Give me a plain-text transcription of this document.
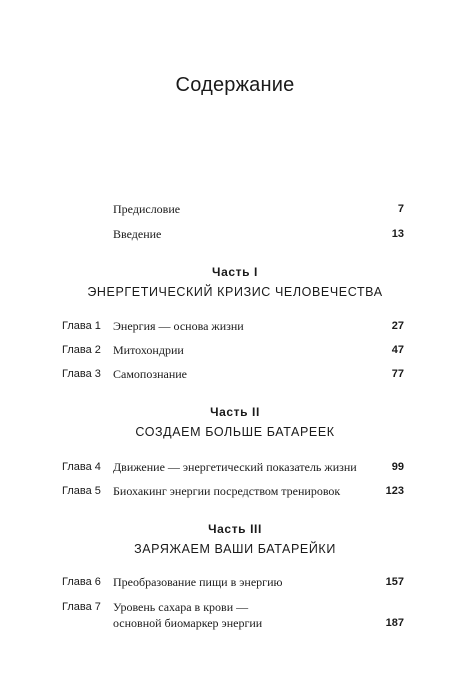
Содержание
Предисловие	7
Введение	13
Часть I
ЭНЕРГЕТИЧЕСКИЙ КРИЗИС ЧЕЛОВЕЧЕСТВА
Глава 1 Энергия — основа жизни	27
Глава 2 Митохондрии	47
Глава 3 Самопознание	77
Часть II
СОЗДАЕМ БОЛЬШЕ БАТАРЕЕК
Глава 4 Движение — энергетический показатель жизни	99
Глава 5 Биохакинг энергии посредством тренировок	123
Часть III
ЗАРЯЖАЕМ ВАШИ БАТАРЕЙКИ
Глава 6 Преобразование пищи в энергию	157
Глава 7 Уровень сахара в крови —
основной биомаркер энергии	187
